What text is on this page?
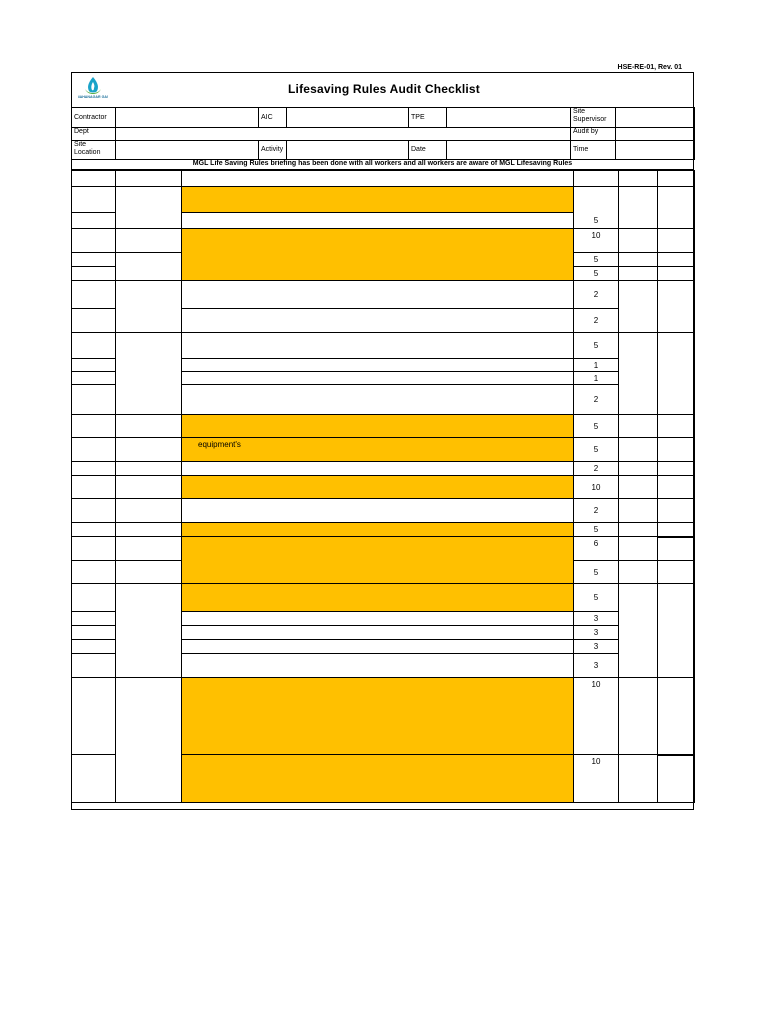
HSE-RE-01, Rev. 01
MAHANAGAR GAS
Lifesaving Rules Audit Checklist
Contractor		AIC		TPE		Site Supervisor	
Dept						Audit by	
Site Location		Activity		Date		Time	
MGL Life Saving Rules briefing has been done with all workers and all workers are aware of MGL Lifesaving Rules

			5		
			10		
			5		
			5		
			2		
			2		
			5		
			1		
			1		
			2		
			5		
		equipment's	5		
			2		
			10		
			2		
			5		
			6		
			5		
			5		
			3		
			3		
			3		
			3		
			10		
			10		
